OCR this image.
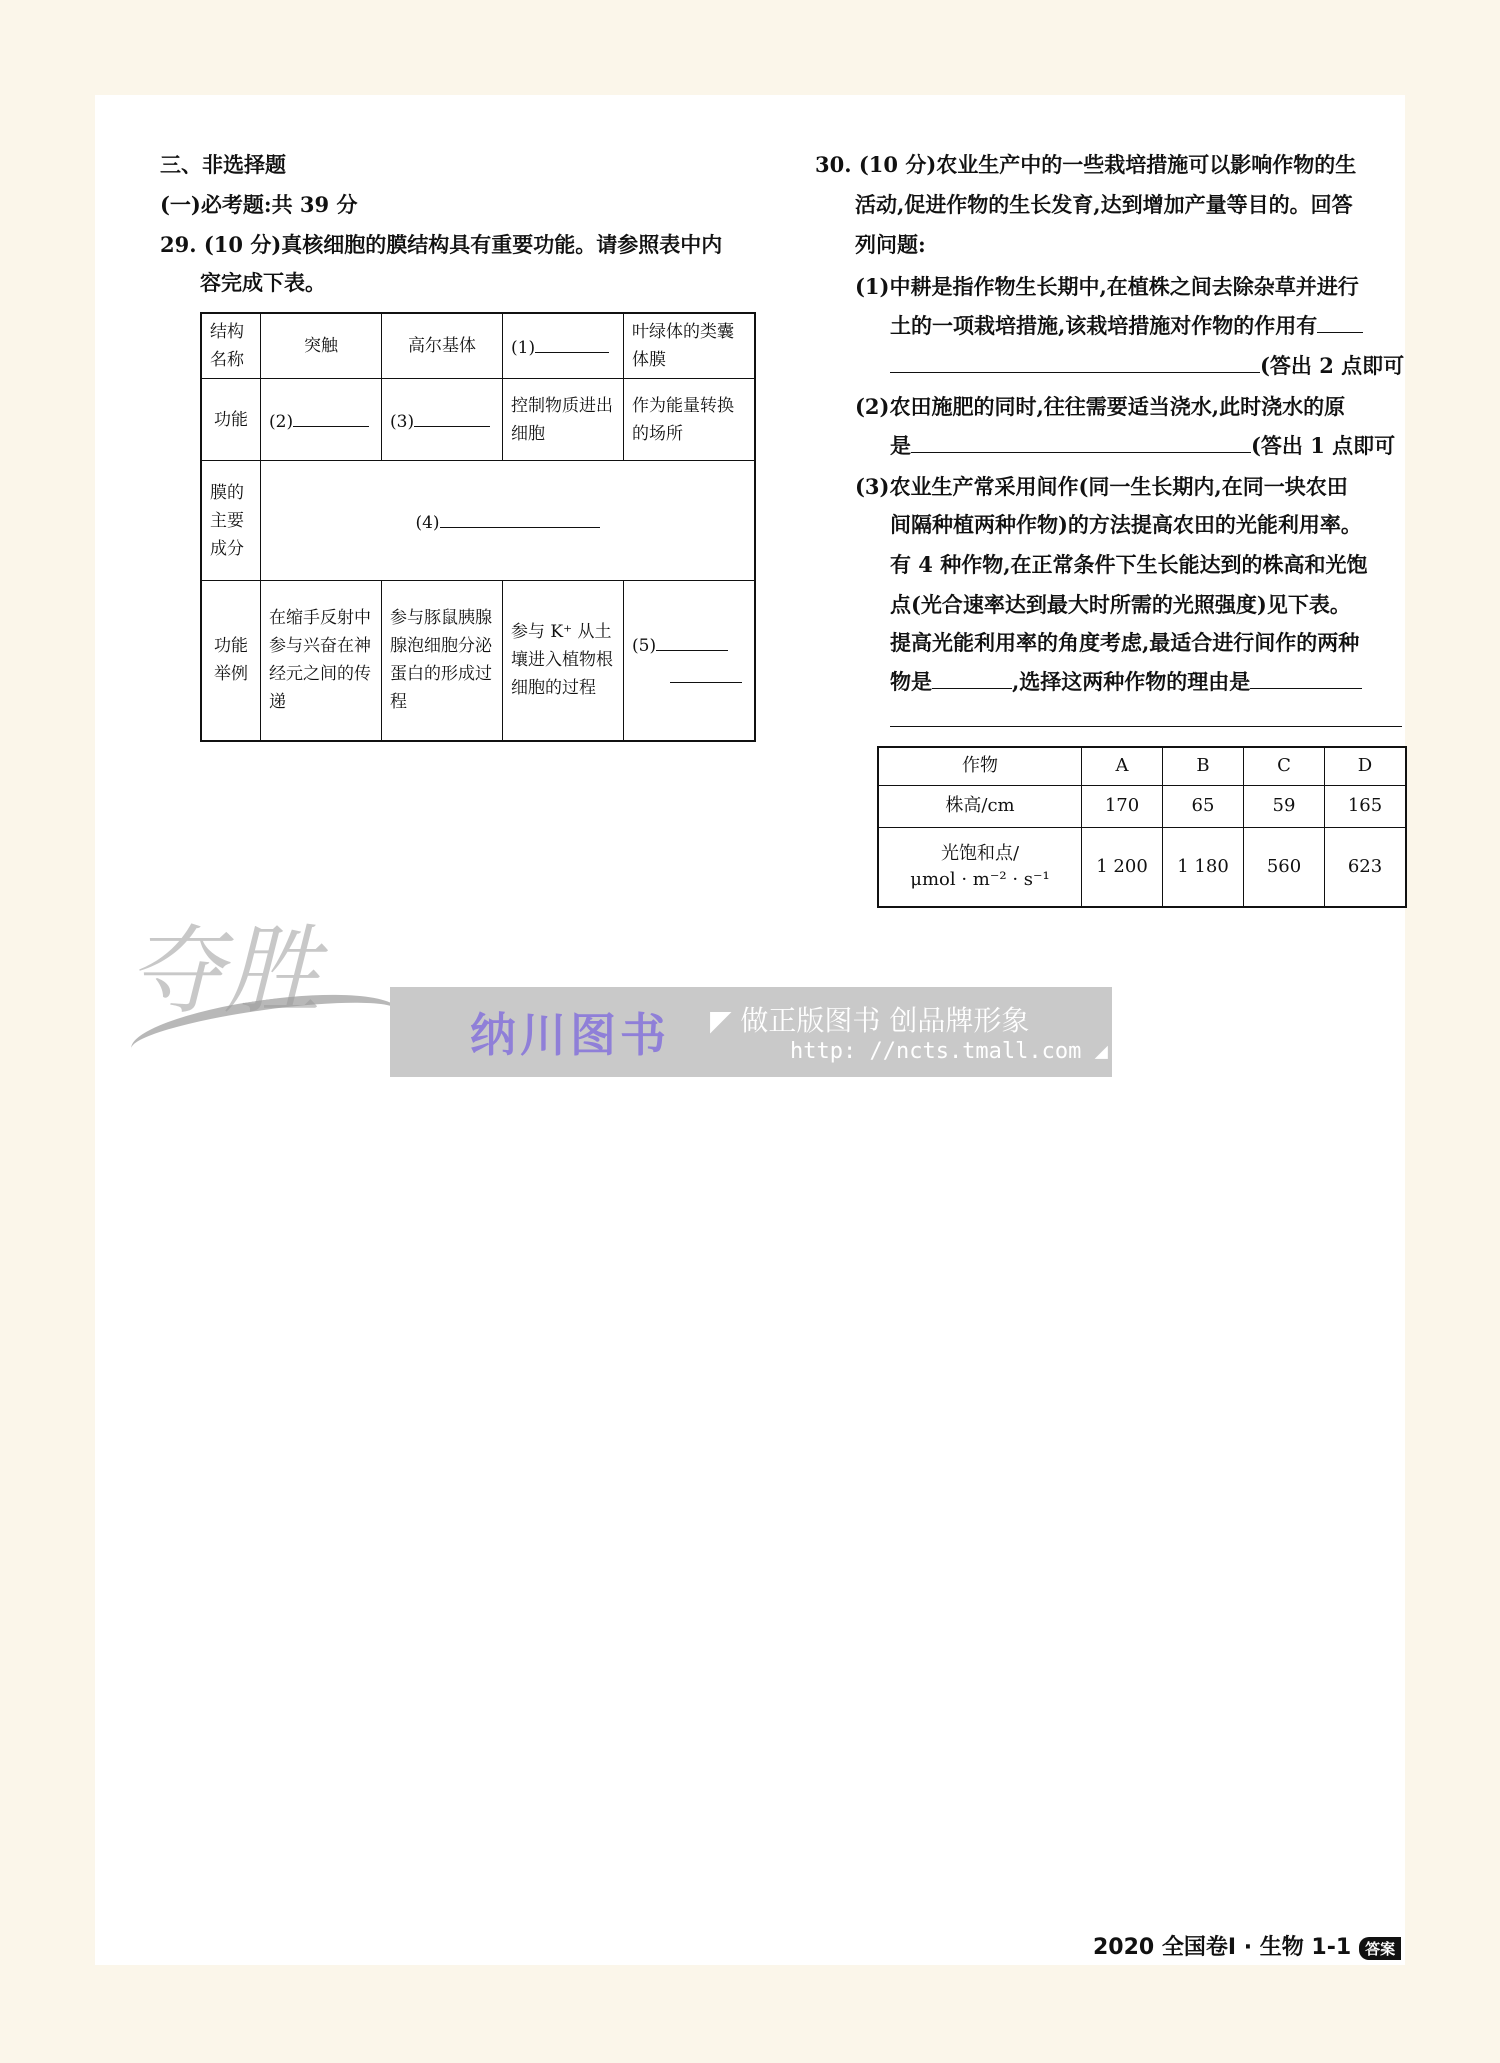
三、非选择题
(一)必考题:共 39 分
29. (10 分)真核细胞的膜结构具有重要功能。请参照表中内
容完成下表。
结构名称	突触	高尔基体	(1)	叶绿体的类囊体膜
功能	(2)	(3)	控制物质进出细胞	作为能量转换的场所
膜的主要成分	(4)			
功能举例	在缩手反射中参与兴奋在神经元之间的传递	参与豚鼠胰腺腺泡细胞分泌蛋白的形成过程	参与 K⁺ 从土壤进入植物根细胞的过程	(5)

30. (10 分)农业生产中的一些栽培措施可以影响作物的生
活动,促进作物的生长发育,达到增加产量等目的。回答
列问题:
(1)中耕是指作物生长期中,在植株之间去除杂草并进行
土的一项栽培措施,该栽培措施对作物的作用有
(答出 2 点即可
(2)农田施肥的同时,往往需要适当浇水,此时浇水的原
是	(答出 1 点即可
(3)农业生产常采用间作(同一生长期内,在同一块农田
间隔种植两种作物)的方法提高农田的光能利用率。
有 4 种作物,在正常条件下生长能达到的株高和光饱
点(光合速率达到最大时所需的光照强度)见下表。
提高光能利用率的角度考虑,最适合进行间作的两种
物是	,选择这两种作物的理由是
作物	A	B	C	D
株高/cm	170	65	59	165
光饱和点/
μmol · m⁻² · s⁻¹	1 200	1 180	560	623
夺胜
纳川图书 ◤ 做正版图书 创品牌形象
http: //ncts.tmall.com ◢
2020 全国卷Ⅰ · 生物 1-1 答案
